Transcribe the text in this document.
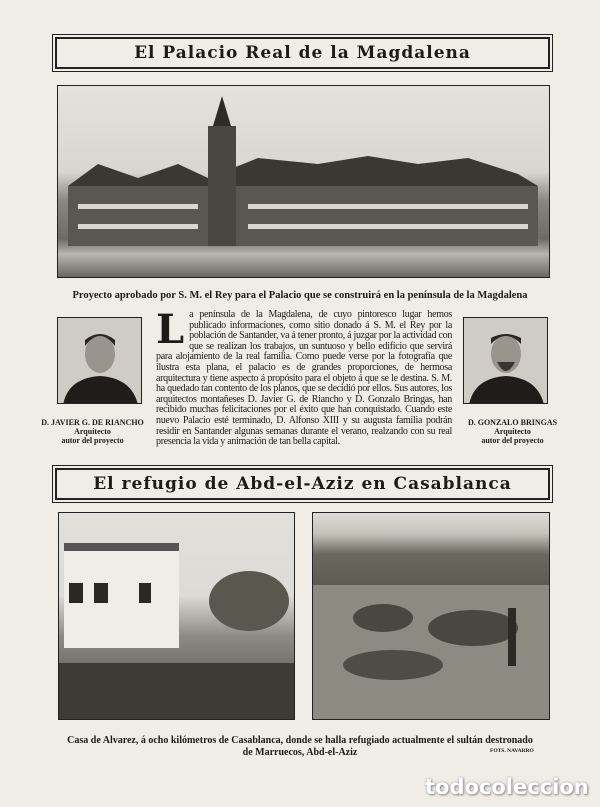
El Palacio Real de la Magdalena
Proyecto aprobado por S. M. el Rey para el Palacio que se construirá en la península de la Magdalena
D. JAVIER G. DE RIANCHO
Arquitecto
autor del proyecto
D. GONZALO BRINGAS
Arquitecto
autor del proyecto
La península de la Magdalena, de cuyo pintoresco lugar hemos publicado informaciones, como sitio donado á S. M. el Rey por la población de Santander, va á tener pronto, á juzgar por la actividad con que se realizan los trabajos, un suntuoso y bello edificio que servirá para alojamiento de la real familia. Como puede verse por la fotografía que ilustra esta plana, el palacio es de grandes proporciones, de hermosa arquitectura y tiene aspecto á propósito para el objeto á que se le destina. S. M. ha quedado tan contento de los planos, que se decidió por ellos. Sus autores, los arquitectos montañeses D. Javier G. de Riancho y D. Gonzalo Bringas, han recibido muchas felicitaciones por el éxito que han conquistado. Cuando este nuevo Palacio esté terminado, D. Alfonso XIII y su augusta familia podrán residir en Santander algunas semanas durante el verano, realzando con su real presencia la vida y animación de tan bella capital.
El refugio de Abd-el-Aziz en Casablanca
Casa de Alvarez, á ocho kilómetros de Casablanca, donde se halla refugiado actualmente el sultán destronado
de Marruecos, Abd-el-Aziz	FOTS. NAVARRO
todocoleccion
